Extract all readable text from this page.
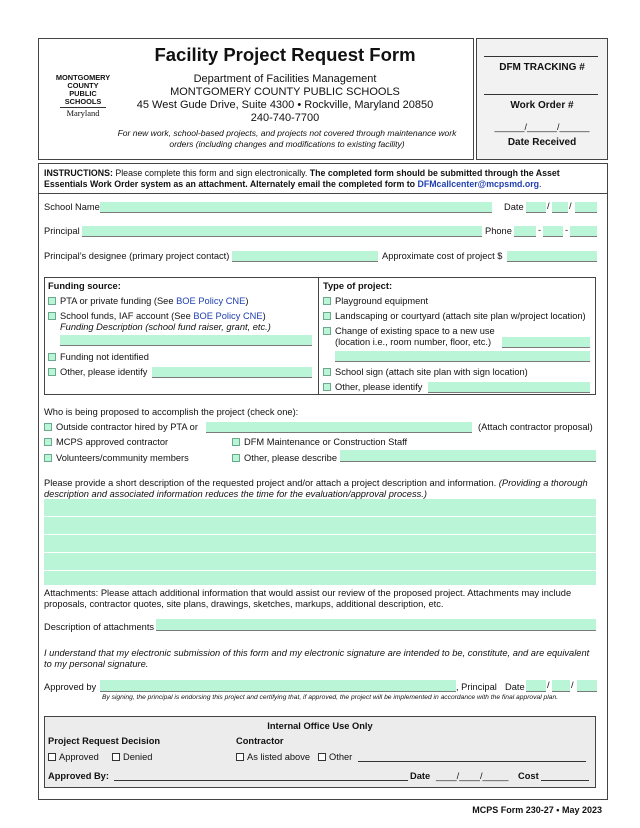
MONTGOMERY
COUNTY
PUBLIC
SCHOOLS
Maryland
Facility Project Request Form
Department of Facilities Management
MONTGOMERY COUNTY PUBLIC SCHOOLS
45 West Gude Drive, Suite 4300 • Rockville, Maryland 20850
240-740-7700
For new work, school-based projects, and projects not covered through maintenance work orders (including changes and modifications to existing facility)
DFM TRACKING #
Work Order #
______/______/______
Date Received
INSTRUCTIONS: Please complete this form and sign electronically. The completed form should be submitted through the Asset Essentials Work Order system as an attachment. Alternately email the completed form to DFMcallcenter@mcpsmd.org.
School Name	Date	/ /
Principal	Phone	-	-
Principal’s designee (primary project contact)	Approximate cost of project $
Funding source:
PTA or private funding (See BOE Policy CNE)
School funds, IAF account (See BOE Policy CNE)
Funding Description (school fund raiser, grant, etc.)
Funding not identified
Other, please identify
Type of project:
Playground equipment
Landscaping or courtyard (attach site plan w/project location)
Change of existing space to a new use
(location i.e., room number, floor, etc.)
School sign (attach site plan with sign location)
Other, please identify
Who is being proposed to accomplish the project (check one):
Outside contractor hired by PTA or	(Attach contractor proposal)
MCPS approved contractor	DFM Maintenance or Construction Staff
Volunteers/community members	Other, please describe
Please provide a short description of the requested project and/or attach a project description and information. (Providing a thorough description and associated information reduces the time for the evaluation/approval process.)
Attachments: Please attach additional information that would assist our review of the proposed project. Attachments may include proposals, contractor quotes, site plans, drawings, sketches, markups, additional description, etc.
Description of attachments
I understand that my electronic submission of this form and my electronic signature are intended to be, constitute, and are equivalent to my personal signature.
Approved by	, Principal Date / /
By signing, the principal is endorsing this project and certifying that, if approved, the project will be implemented in accordance with the final approval plan.
Internal Office Use Only
Project Request Decision	Contractor
Approved	Denied	As listed above	Other
Approved By:	Date ____/____/_____ Cost
MCPS Form 230-27 • May 2023
